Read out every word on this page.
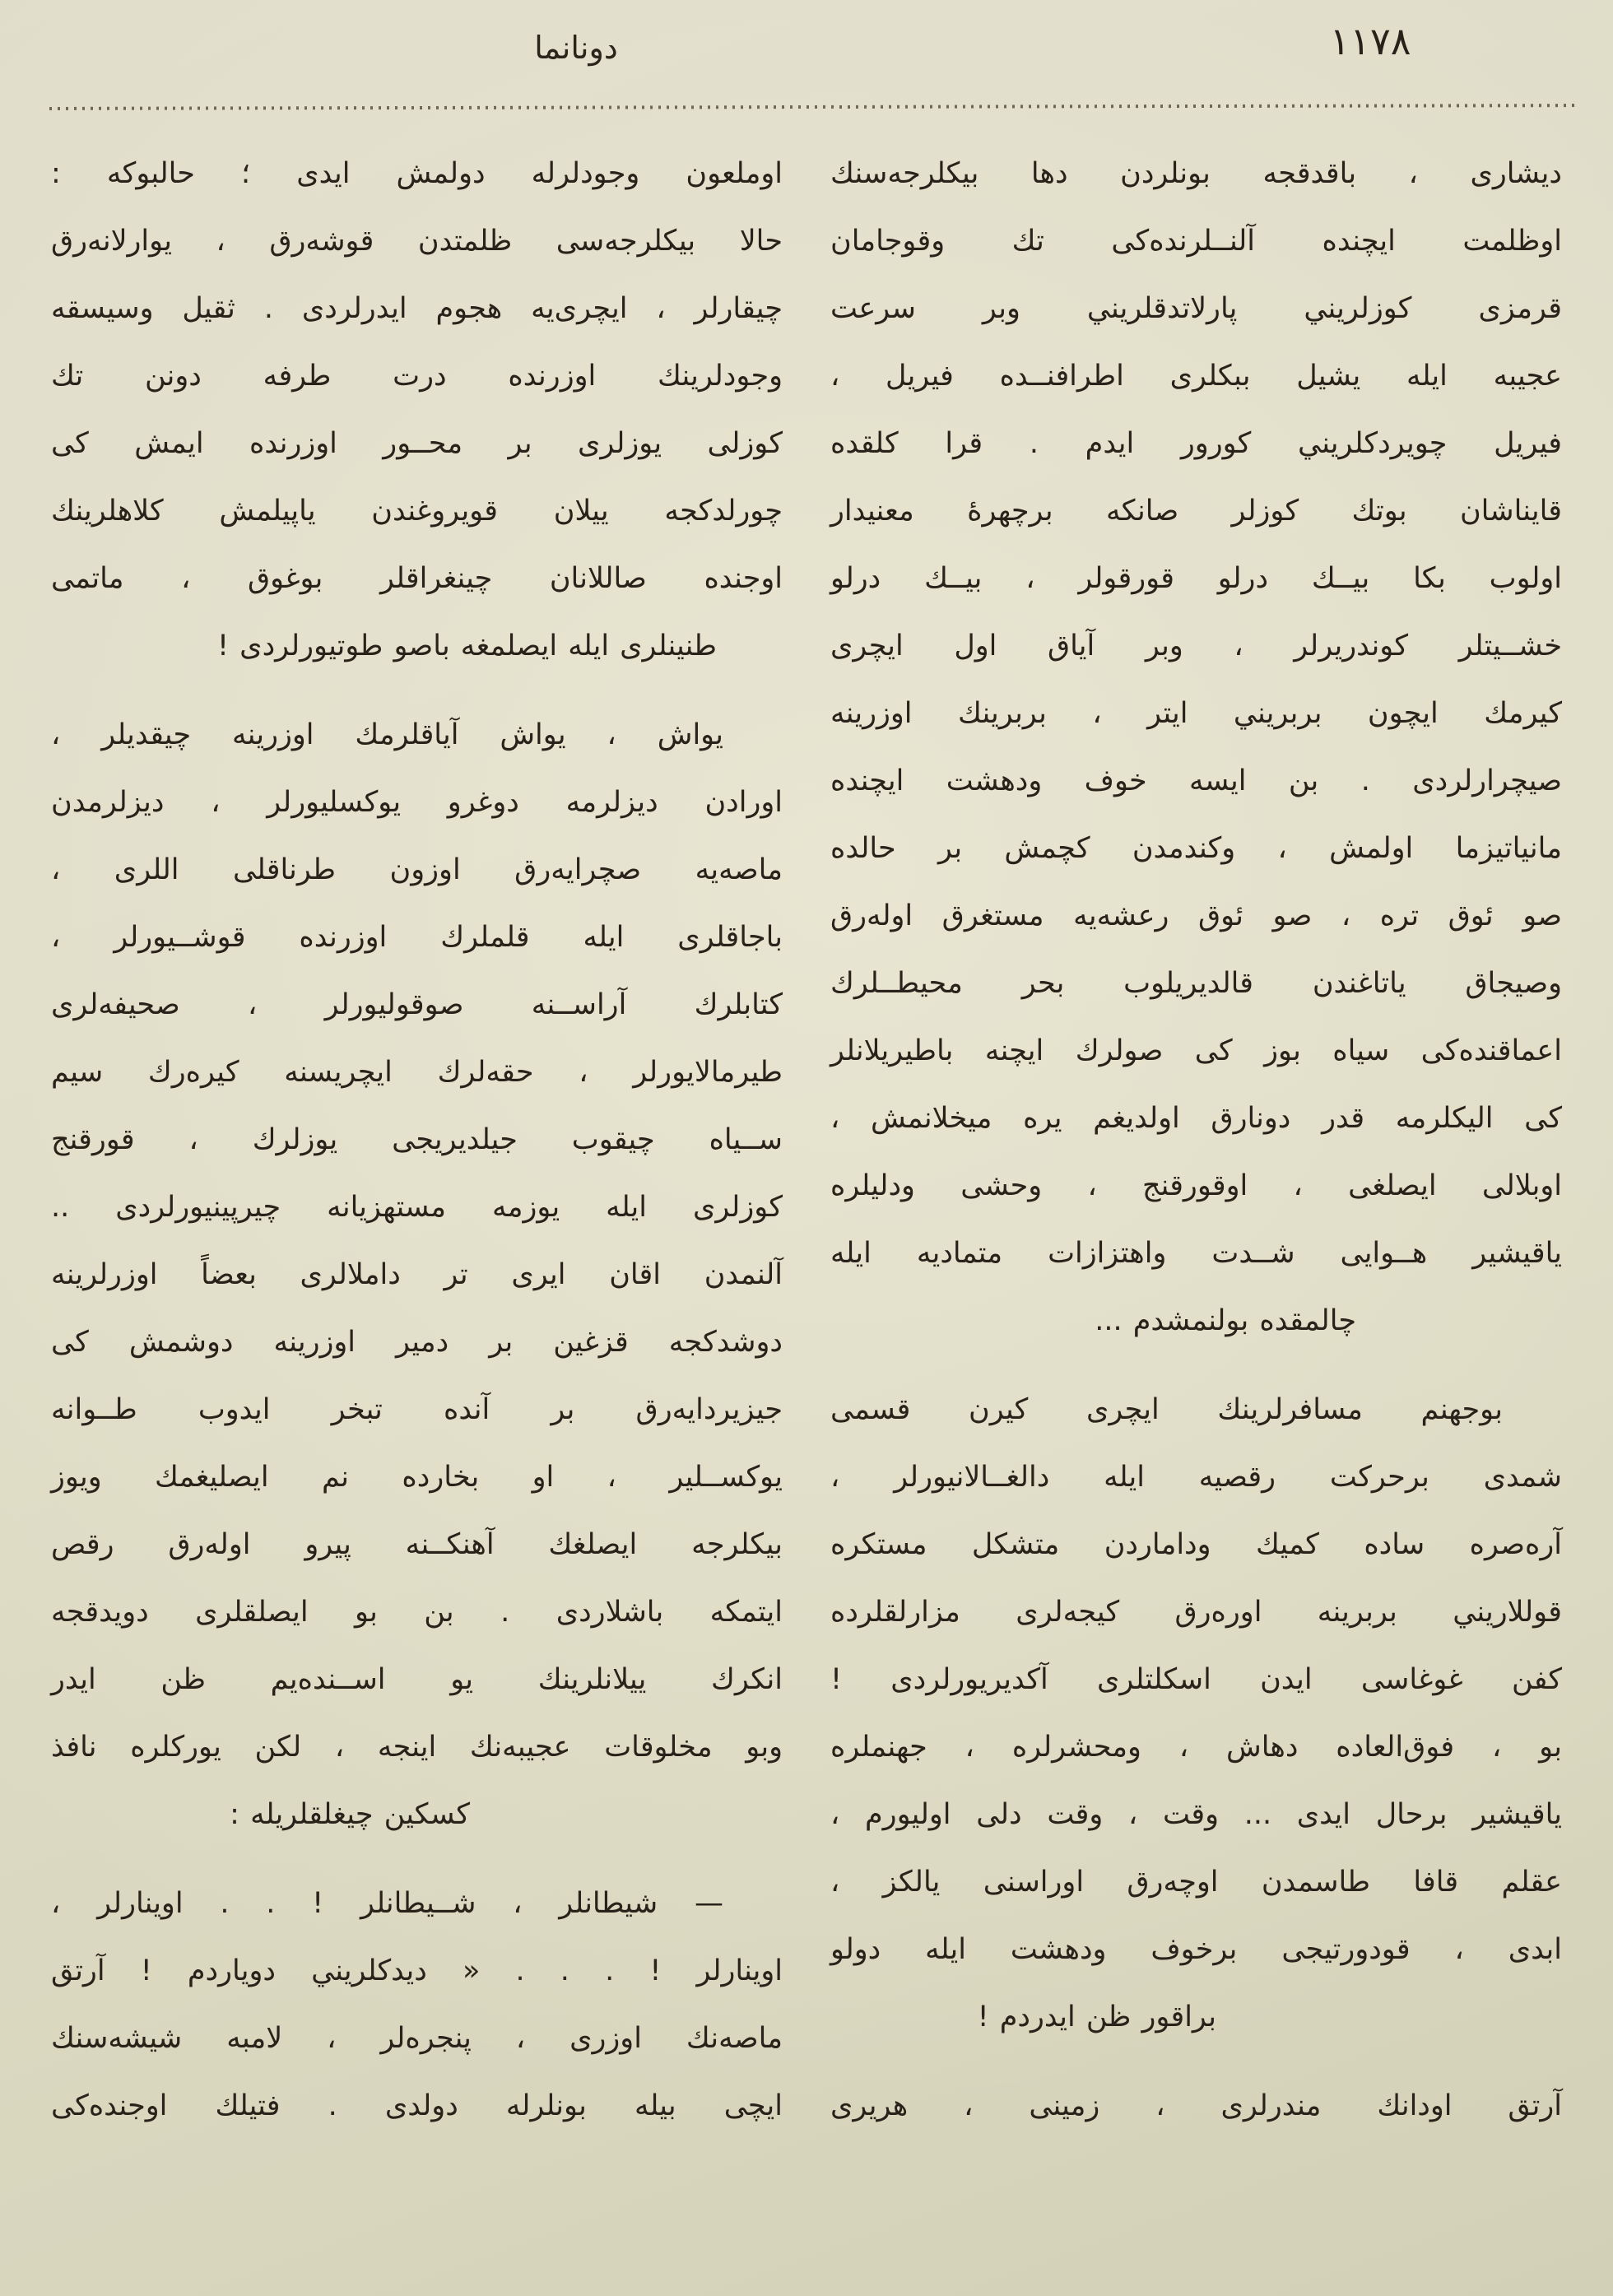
١١٧٨
دونانما
ديشارى ، باقدقجه بونلردن دها بيكلرجه‌سنك
اوظلمت ايچنده آلنــلرنده‌كى تك وقوجامان
قرمزى كوزلريني پارلاتدقلريني وبر سرعت
عجيبه ايله يشيل ببكلرى اطرافنــده فيريل ،
فيريل چويردكلريني كورور ايدم . قرا كلقده
قايناشان بوتك كوزلر صانكه برچهرهٔ معنيدار
اولوب بكا بيــك درلو قورقولر ، بيــك درلو
خشــيتلر كوندريرلر ، وبر آياق اول ايچرى
كيرمك ايچون بربريني ايتر ، بربرينك اوزرينه
صيچرارلردى . بن ايسه خوف ودهشت ايچنده
مانياتيزما اولمش ، وكندمدن كچمش بر حالده
صو ئوق تره ، صو ئوق رعشه‌يه مستغرق اوله‌رق
وصيجاق ياتاغندن قالديريلوب بحر محيطــلرك
اعماقنده‌كى سياه بوز كى صولرك ايچنه باطيريلانلر
كى اليكلرمه قدر دونارق اولديغم يره ميخلانمش ،
اوبلالى ايصلغى ، اوقورقنج ، وحشى ودليلره
ياقيشير هــوايى شــدت واهتزازات متماديه ايله
چالمقده بولنمشدم ...
بوجهنم مسافرلرينك ايچرى كيرن قسمى
شمدى برحركت رقصيه ايله دالغــالانيورلر ،
آره‌صره ساده كميك وداماردن متشكل مستكره
قوللاريني بربرينه اوره‌رق كيجه‌لرى مزارلقلرده
كفن غوغاسى ايدن اسكلتلرى آكديريورلردى !
بو ، فوق‌العاده دهاش ، ومحشرلره ، جهنملره
ياقيشير برحال ايدى ... وقت ، وقت دلى اوليورم ،
عقلم قافا طاسمدن اوچه‌رق اوراسنى يالكز ،
ابدى ، قودورتيجى برخوف ودهشت ايله دولو
براقور ظن ايدردم !
آرتق اودانك مندرلرى ، زمينى ، هريرى
اوملعون وجودلرله دولمش ايدى ؛ حالبوكه :
حالا بيكلرجه‌سى ظلمتدن قوشه‌رق ، يوارلانه‌رق
چيقارلر ، ايچرى‌يه هجوم ايدرلردى . ثقيل وسيسقه
وجودلرينك اوزرنده درت طرفه دونن تك
كوزلى يوزلرى بر محــور اوزرنده ايمش كى
چورلدكجه ييلان قويروغندن ياپيلمش كلاهلرينك
اوجنده صاللانان چينغراقلر بوغوق ، ماتمى
طنينلرى ايله ايصلمغه باصو طوتيورلردى !
يواش ، يواش آياقلرمك اوزرينه چيقديلر ،
اورادن ديزلرمه دوغرو يوكسليورلر ، ديزلرمدن
ماصه‌يه صچرايه‌رق اوزون طرناقلى اللرى ،
باجاقلرى ايله قلملرك اوزرنده قوشــيورلر ،
كتابلرك آراســنه صوقوليورلر ، صحيفه‌لرى
طيرمالايورلر ، حقه‌لرك ايچريسنه كيره‌رك سيم
ســياه چيقوب جيلديريجى يوزلرك ، قورقنج
كوزلرى ايله يوزمه مستهزيانه چيرپينيورلردى ..
آلنمدن اقان ايرى تر داملالرى بعضاً اوزرلرينه
دوشدكجه قزغين بر دمير اوزرينه دوشمش كى
جيزيردايه‌رق بر آنده تبخر ايدوب طــوانه
يوكســلير ، او بخارده نم ايصليغمك ويوز
بيكلرجه ايصلغك آهنكــنه پيرو اوله‌رق رقص
ايتمكه باشلاردى . بن بو ايصلقلرى دويدقجه
انكرك ييلانلرينك يو اســنده‌يم ظن ايدر
وبو مخلوقات عجيبه‌نك اينجه ، لكن يوركلره نافذ
كسكين چيغلقلريله :
— شيطانلر ، شــيطانلر ! . . اوينارلر ،
اوينارلر ! . . . « ديدكلريني دوياردم ! آرتق
ماصه‌نك اوزرى ، پنجره‌لر ، لامبه شيشه‌سنك
ايچى بيله بونلرله دولدى . فتيلك اوجنده‌كى
